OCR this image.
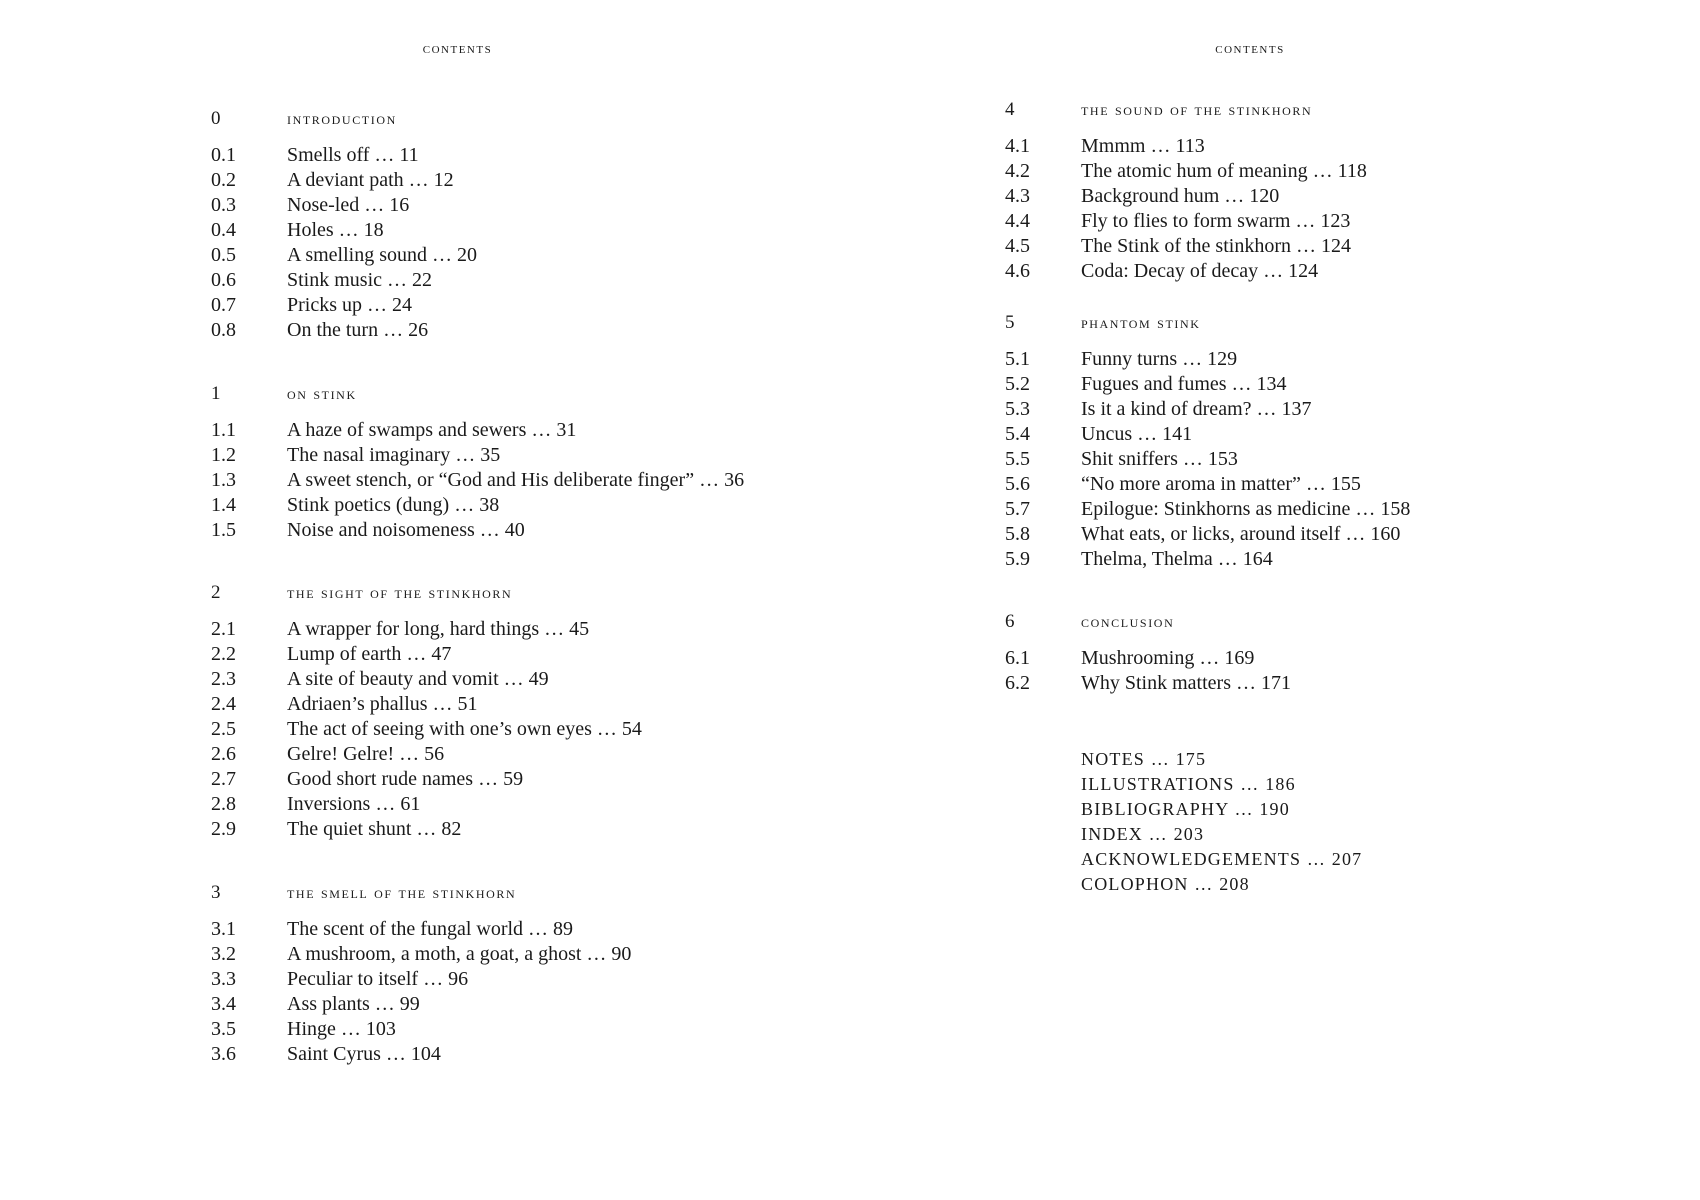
contents
0	introduction
0.1	Smells off … 11
0.2	A deviant path … 12
0.3	Nose-led … 16
0.4	Holes … 18
0.5	A smelling sound … 20
0.6	Stink music … 22
0.7	Pricks up … 24
0.8	On the turn … 26
1	on stink
1.1	A haze of swamps and sewers … 31
1.2	The nasal imaginary … 35
1.3	A sweet stench, or “God and His deliberate finger” … 36
1.4	Stink poetics (dung) … 38
1.5	Noise and noisomeness … 40
2	the sight of the stinkhorn
2.1	A wrapper for long, hard things … 45
2.2	Lump of earth … 47
2.3	A site of beauty and vomit … 49
2.4	Adriaen’s phallus … 51
2.5	The act of seeing with one’s own eyes … 54
2.6	Gelre! Gelre! … 56
2.7	Good short rude names … 59
2.8	Inversions … 61
2.9	The quiet shunt … 82
3	the smell of the stinkhorn
3.1	The scent of the fungal world … 89
3.2	A mushroom, a moth, a goat, a ghost … 90
3.3	Peculiar to itself … 96
3.4	Ass plants … 99
3.5	Hinge … 103
3.6	Saint Cyrus … 104
contents
4	the sound of the stinkhorn
4.1	Mmmm … 113
4.2	The atomic hum of meaning … 118
4.3	Background hum … 120
4.4	Fly to flies to form swarm … 123
4.5	The Stink of the stinkhorn … 124
4.6	Coda: Decay of decay … 124
5	phantom stink
5.1	Funny turns … 129
5.2	Fugues and fumes … 134
5.3	Is it a kind of dream? … 137
5.4	Uncus … 141
5.5	Shit sniffers … 153
5.6	“No more aroma in matter” … 155
5.7	Epilogue: Stinkhorns as medicine … 158
5.8	What eats, or licks, around itself … 160
5.9	Thelma, Thelma … 164
6	conclusion
6.1	Mushrooming … 169
6.2	Why Stink matters … 171
NOTES … 175
ILLUSTRATIONS … 186
BIBLIOGRAPHY … 190
INDEX … 203
ACKNOWLEDGEMENTS … 207
COLOPHON … 208
